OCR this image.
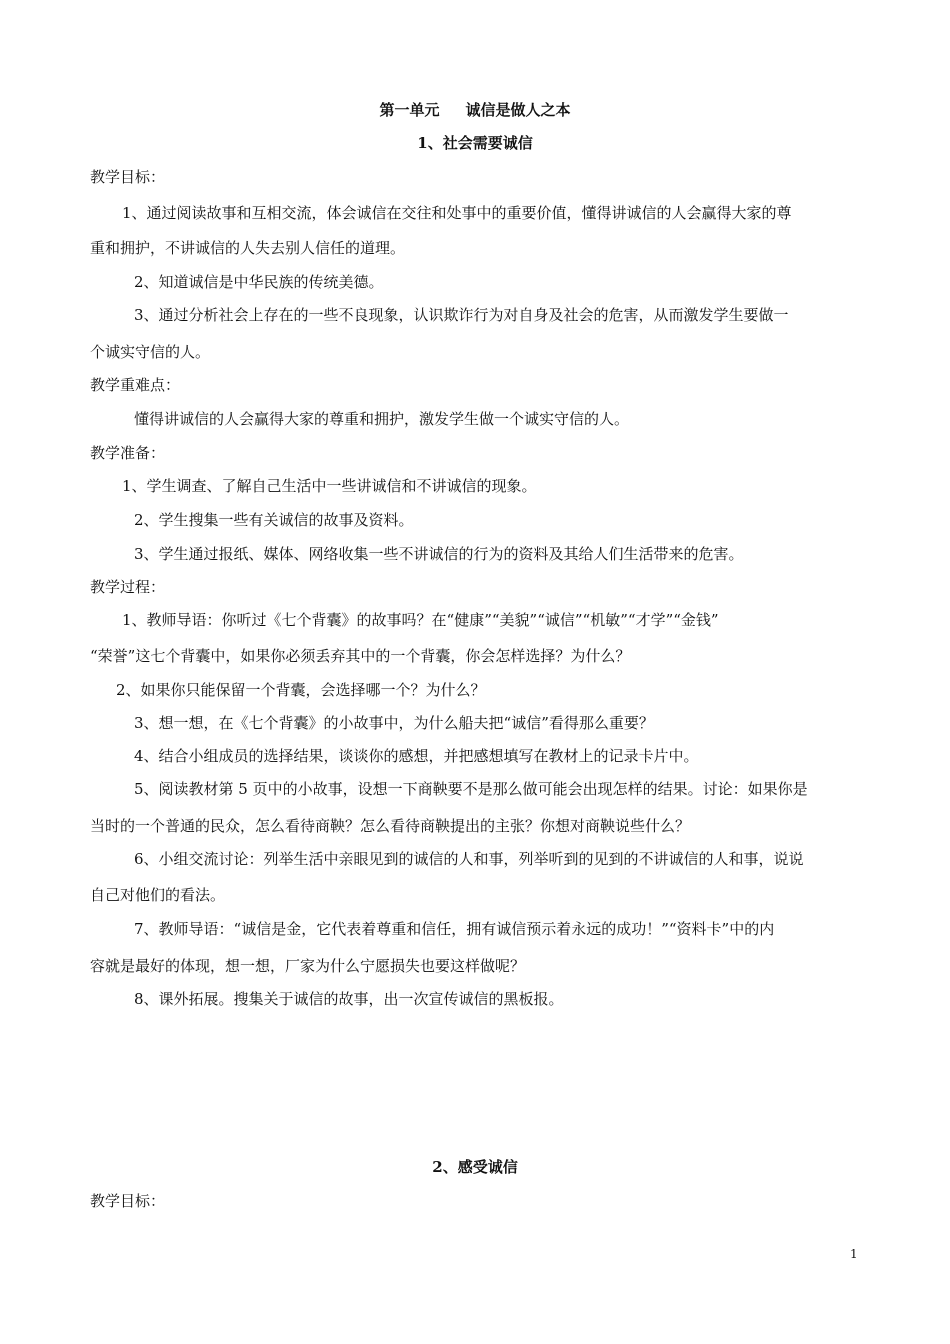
第一单元     诚信是做人之本
1、社会需要诚信
教学目标：
1、通过阅读故事和互相交流，体会诚信在交往和处事中的重要价值，懂得讲诚信的人会赢得大家的尊
重和拥护，不讲诚信的人失去别人信任的道理。
2、知道诚信是中华民族的传统美德。
3、通过分析社会上存在的一些不良现象，认识欺诈行为对自身及社会的危害，从而激发学生要做一
个诚实守信的人。
教学重难点：
懂得讲诚信的人会赢得大家的尊重和拥护，激发学生做一个诚实守信的人。
教学准备：
1、学生调查、了解自己生活中一些讲诚信和不讲诚信的现象。
2、学生搜集一些有关诚信的故事及资料。
3、学生通过报纸、媒体、网络收集一些不讲诚信的行为的资料及其给人们生活带来的危害。
教学过程：
1、教师导语：你听过《七个背囊》的故事吗？在“健康”“美貌”“诚信”“机敏”“才学”“金钱”
“荣誉”这七个背囊中，如果你必须丢弃其中的一个背囊，你会怎样选择？为什么？
2、如果你只能保留一个背囊，会选择哪一个？为什么？
3、想一想，在《七个背囊》的小故事中，为什么船夫把“诚信”看得那么重要？
4、结合小组成员的选择结果，谈谈你的感想，并把感想填写在教材上的记录卡片中。
5、阅读教材第 5 页中的小故事，设想一下商鞅要不是那么做可能会出现怎样的结果。讨论：如果你是
当时的一个普通的民众，怎么看待商鞅？怎么看待商鞅提出的主张？你想对商鞅说些什么？
6、小组交流讨论：列举生活中亲眼见到的诚信的人和事，列举听到的见到的不讲诚信的人和事，说说
自己对他们的看法。
7、教师导语：“诚信是金，它代表着尊重和信任，拥有诚信预示着永远的成功！”“资料卡”中的内
容就是最好的体现，想一想，厂家为什么宁愿损失也要这样做呢？
8、课外拓展。搜集关于诚信的故事，出一次宣传诚信的黑板报。
2、感受诚信
教学目标：
1
